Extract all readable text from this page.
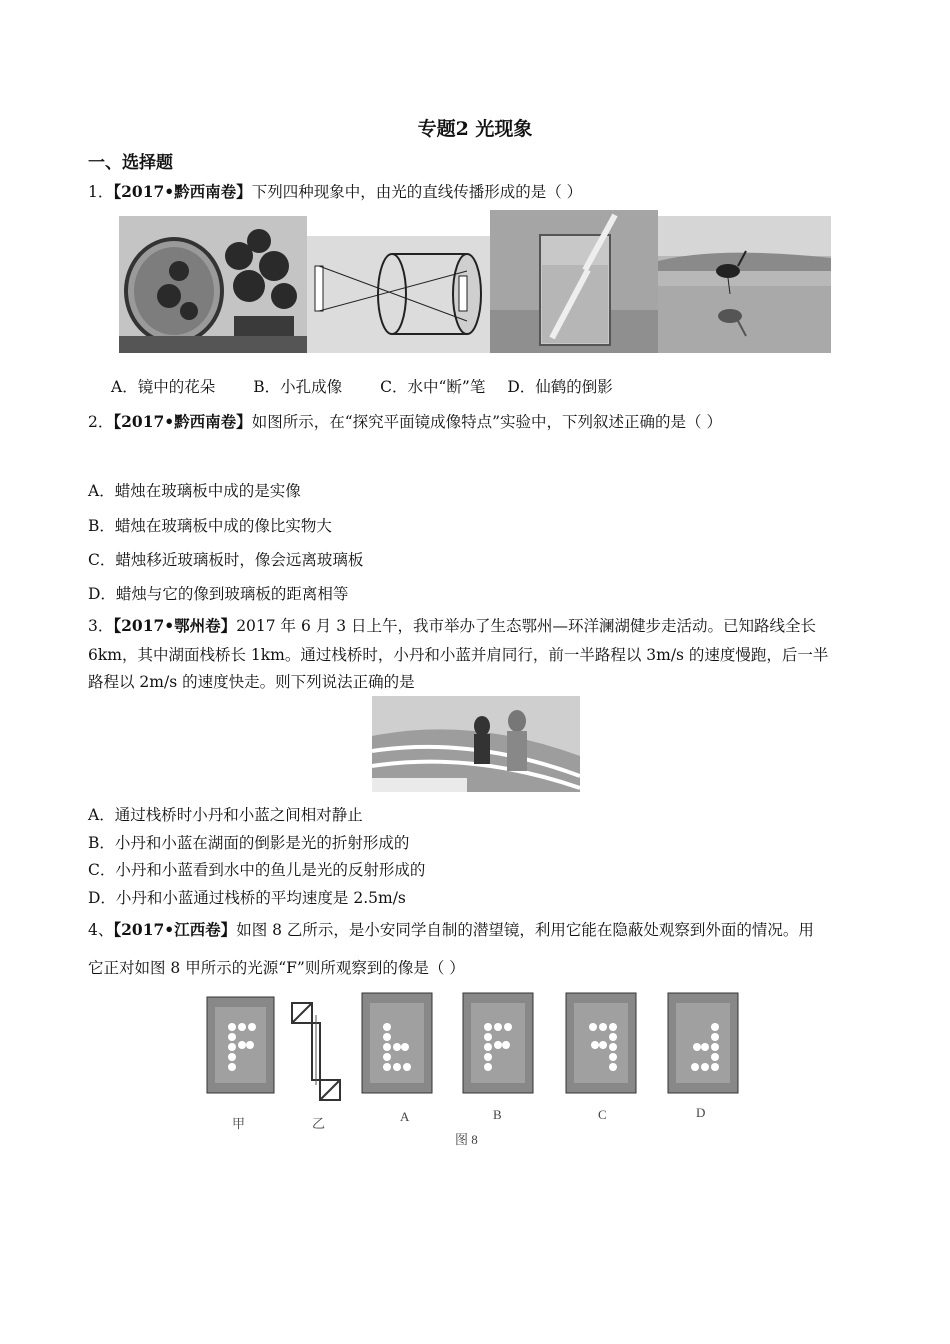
专题2 光现象
一、选择题
1．【2017•黔西南卷】下列四种现象中，由光的直线传播形成的是（ ）
A．镜中的花朵 B．小孔成像 C．水中“断”笔 D．仙鹤的倒影
2．【2017•黔西南卷】如图所示，在“探究平面镜成像特点”实验中，下列叙述正确的是（ ）
A．蜡烛在玻璃板中成的是实像
B．蜡烛在玻璃板中成的像比实物大
C．蜡烛移近玻璃板时，像会远离玻璃板
D．蜡烛与它的像到玻璃板的距离相等
3．【2017•鄂州卷】2017 年 6 月 3 日上午，我市举办了生态鄂州—环洋澜湖健步走活动。已知路线全长
6km，其中湖面栈桥长 1km。通过栈桥时，小丹和小蓝并肩同行，前一半路程以 3m/s 的速度慢跑，后一半
路程以 2m/s 的速度快走。则下列说法正确的是
A．通过栈桥时小丹和小蓝之间相对静止
B．小丹和小蓝在湖面的倒影是光的折射形成的
C．小丹和小蓝看到水中的鱼儿是光的反射形成的
D．小丹和小蓝通过栈桥的平均速度是 2.5m/s
4、【2017•江西卷】如图 8 乙所示，是小安同学自制的潜望镜，利用它能在隐蔽处观察到外面的情况。用
它正对如图 8 甲所示的光源“F”则所观察到的像是（ ）
甲	乙	A	B	C	D
图 8
